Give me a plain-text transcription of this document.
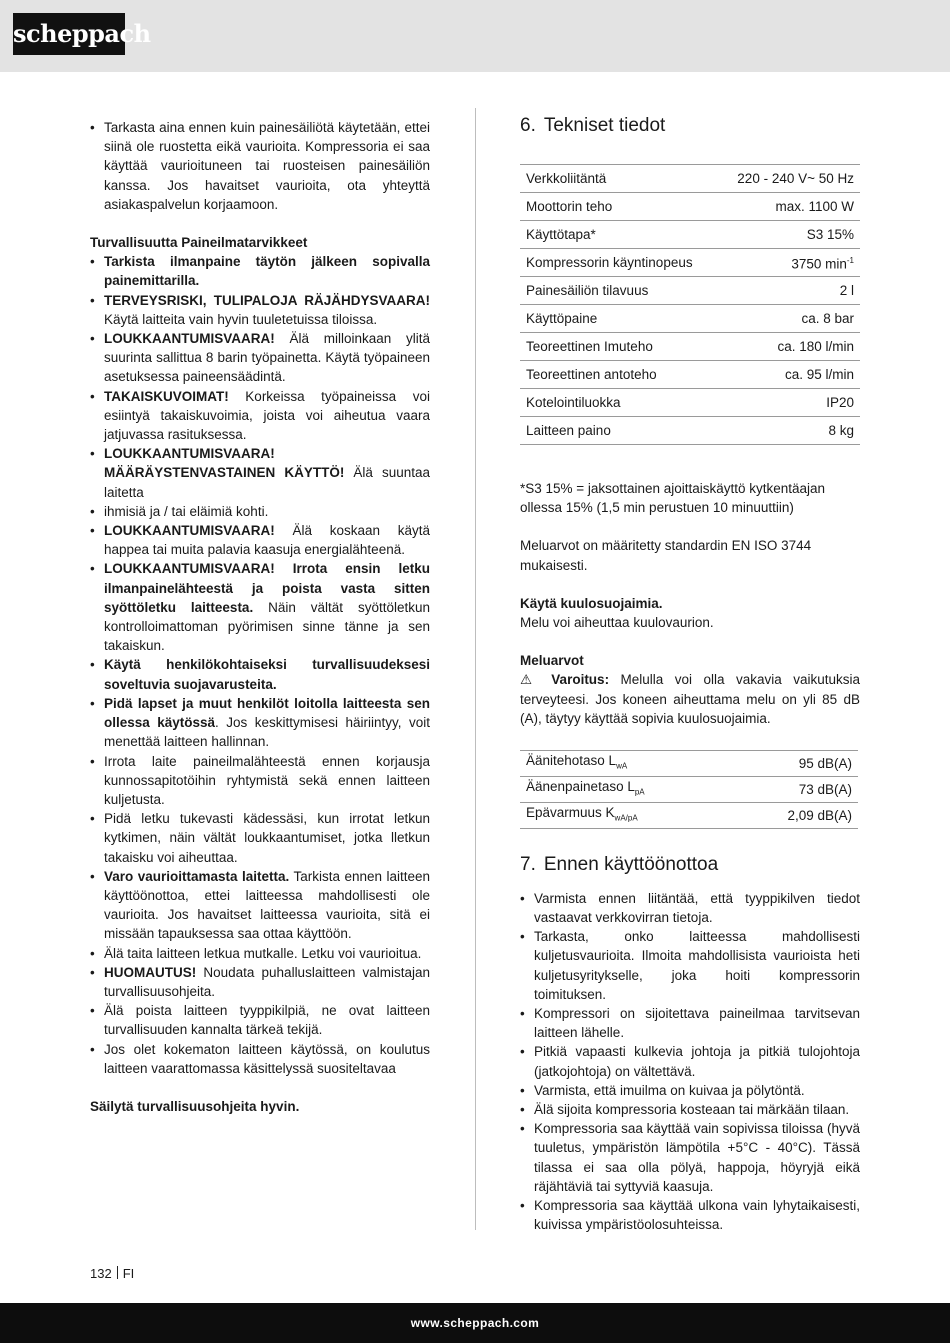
scheppach
• Tarkasta aina ennen kuin painesäiliötä käytetään, ettei siinä ole ruostetta eikä vaurioita. Kompressoria ei saa käyttää vaurioituneen tai ruosteisen painesäiliön kanssa. Jos havaitset vaurioita, ota yhteyttä asiakaspalvelun korjaamoon.

Turvallisuutta Paineilmatarvikkeet

• Tarkista ilmanpaine täytön jälkeen sopivalla painemittarilla.
• TERVEYSRISKI, TULIPALOJA RÄJÄHDYSVAARA! Käytä laitteita vain hyvin tuuletetuissa tiloissa.
• LOUKKAANTUMISVAARA! Älä milloinkaan ylitä suurinta sallittua 8 barin työpainetta. Käytä työpaineen asetuksessa paineensäädintä.
• TAKAISKUVOIMAT! Korkeissa työpaineissa voi esiintyä takaiskuvoimia, joista voi aiheutua vaara jatjuvassa rasituksessa.
• LOUKKAANTUMISVAARA! MÄÄRÄYSTENVASTAINEN KÄYTTÖ! Älä suuntaa laitetta
• ihmisiä ja / tai eläimiä kohti.
• LOUKKAANTUMISVAARA! Älä koskaan käytä happea tai muita palavia kaasuja energialähteenä.
• LOUKKAANTUMISVAARA! Irrota ensin letku ilmanpainelähteestä ja poista vasta sitten syöttöletku laitteesta. Näin vältät syöttöletkun kontrolloimattoman pyörimisen sinne tänne ja sen takaiskun.
• Käytä henkilökohtaiseksi turvallisuudeksesi soveltuvia suojavarusteita.
• Pidä lapset ja muut henkilöt loitolla laitteesta sen ollessa käytössä. Jos keskittymisesi häiriintyy, voit menettää laitteen hallinnan.
• Irrota laite paineilmalähteestä ennen korjausja kunnossapitotöihin ryhtymistä sekä ennen laitteen kuljetusta.
• Pidä letku tukevasti kädessäsi, kun irrotat letkun kytkimen, näin vältät loukkaantumiset, jotka lletkun takaisku voi aiheuttaa.
• Varo vaurioittamasta laitetta. Tarkista ennen laitteen käyttöönottoa, ettei laitteessa mahdollisesti ole vaurioita. Jos havaitset laitteessa vaurioita, sitä ei missään tapauksessa saa ottaa käyttöön.
• Älä taita laitteen letkua mutkalle. Letku voi vaurioitua.
• HUOMAUTUS! Noudata puhalluslaitteen valmistajan turvallisuusohjeita.
• Älä poista laitteen tyyppikilpiä, ne ovat laitteen turvallisuuden kannalta tärkeä tekijä.
• Jos olet kokematon laitteen käytössä, on koulutus laitteen vaarattomassa käsittelyssä suositeltavaa

Säilytä turvallisuusohjeita hyvin.

6. Tekniset tiedot
Verkkoliitäntä	220 - 240 V~ 50 Hz
Moottorin teho	max. 1100 W
Käyttötapa*	S3 15%
Kompressorin käyntinopeus	3750 $\min^{-1}$
Painesäiliön tilavuus	2 l
Käyttöpaine	ca. 8 bar
Teoreettinen Imuteho	ca. 180 l/min
Teoreettinen antoteho	ca. 95 l/min
Kotelointiluokka	IP20
Laitteen paino	8 kg

*S3 15% = jaksottainen ajoittaiskäyttö kytkentäajan ollessa 15% (1,5 min perustuen 10 minuuttiin)

Meluarvot on määritetty standardin EN ISO 3744 mukaisesti.

Käytä kuulosuojaimia.

Melu voi aiheuttaa kuulovaurion.

Meluarvot

⚠ Varoitus: Melulla voi olla vakavia vaikutuksia terveyteesi. Jos koneen aiheuttama melu on yli 85 dB (A), täytyy käyttää sopivia kuulosuojaimia.

Äänitehotaso $L_{wA}$	95 dB(A)
Äänenpainetaso $L_{pA}$	73 dB(A)
Epävarmuus $K_{wA/pA}$	2,09 dB(A)
7. Ennen käyttöönottoa
• Varmista ennen liitäntää, että tyyppikilven tiedot vastaavat verkkovirran tietoja.
• Tarkasta, onko laitteessa mahdollisesti kuljetusvaurioita. Ilmoita mahdollisista vaurioista heti kuljetusyritykselle, joka hoiti kompressorin toimituksen.
• Kompressori on sijoitettava paineilmaa tarvitsevan laitteen lähelle.
• Pitkiä vapaasti kulkevia johtoja ja pitkiä tulojohtoja (jatkojohtoja) on vältettävä.
• Varmista, että imuilma on kuivaa ja pölytöntä.
• Älä sijoita kompressoria kosteaan tai märkään tilaan.
• Kompressoria saa käyttää vain sopivissa tiloissa (hyvä tuuletus, ympäristön lämpötila +5°C - 40°C). Tässä tilassa ei saa olla pölyä, happoja, höyryjä eikä räjähtäviä tai syttyviä kaasuja.
• Kompressoria saa käyttää ulkona vain lyhytaikaisesti, kuivissa ympäristöolosuhteissa.
132 FI
www.scheppach.com
